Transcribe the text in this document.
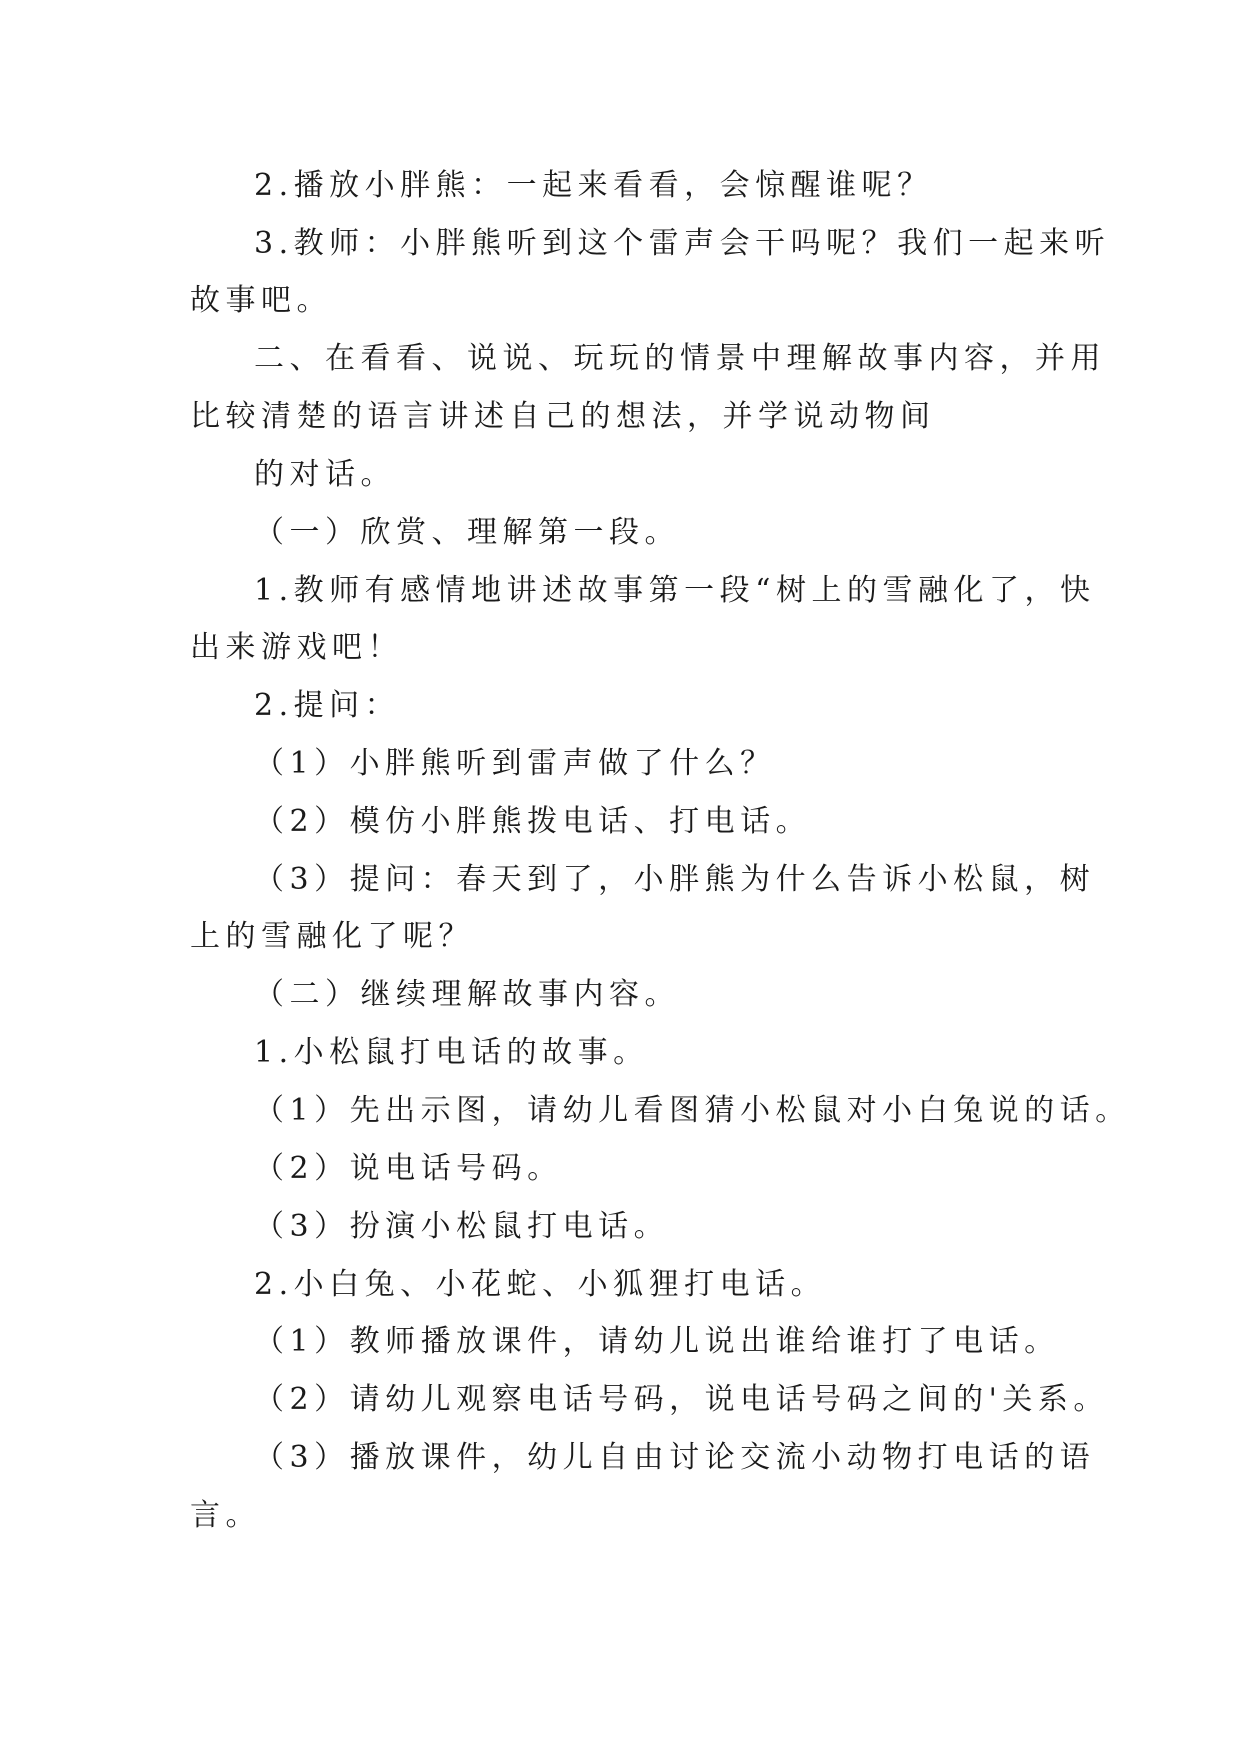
2.播放小胖熊：一起来看看，会惊醒谁呢？
3.教师：小胖熊听到这个雷声会干吗呢？我们一起来听
故事吧。
二、在看看、说说、玩玩的情景中理解故事内容，并用
比较清楚的语言讲述自己的想法，并学说动物间
的对话。
（一）欣赏、理解第一段。
1.教师有感情地讲述故事第一段“树上的雪融化了，快
出来游戏吧！
2.提问：
（1）小胖熊听到雷声做了什么？
（2）模仿小胖熊拨电话、打电话。
（3）提问：春天到了，小胖熊为什么告诉小松鼠，树
上的雪融化了呢？
（二）继续理解故事内容。
1.小松鼠打电话的故事。
（1）先出示图，请幼儿看图猜小松鼠对小白兔说的话。
（2）说电话号码。
（3）扮演小松鼠打电话。
2.小白兔、小花蛇、小狐狸打电话。
（1）教师播放课件，请幼儿说出谁给谁打了电话。
（2）请幼儿观察电话号码，说电话号码之间的'关系。
（3）播放课件，幼儿自由讨论交流小动物打电话的语
言。
